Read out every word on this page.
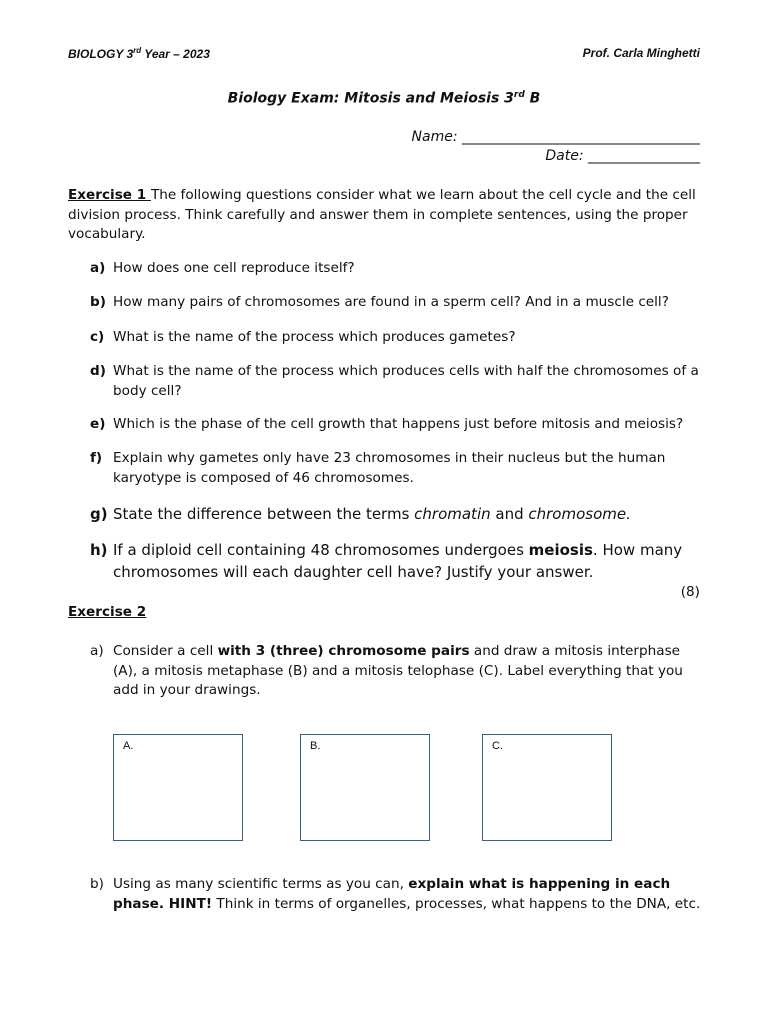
BIOLOGY 3rd Year – 2023	Prof. Carla Minghetti
Biology Exam: Mitosis and Meiosis 3rd B
Name: __________________________________
Date: ________________
Exercise 1 The following questions consider what we learn about the cell cycle and the cell division process. Think carefully and answer them in complete sentences, using the proper vocabulary.
a) How does one cell reproduce itself?
b) How many pairs of chromosomes are found in a sperm cell? And in a muscle cell?
c) What is the name of the process which produces gametes?
d) What is the name of the process which produces cells with half the chromosomes of a body cell?
e) Which is the phase of the cell growth that happens just before mitosis and meiosis?
f) Explain why gametes only have 23 chromosomes in their nucleus but the human karyotype is composed of 46 chromosomes.
g) State the difference between the terms chromatin and chromosome.
h) If a diploid cell containing 48 chromosomes undergoes meiosis. How many chromosomes will each daughter cell have? Justify your answer.
(8)
Exercise 2
a) Consider a cell with 3 (three) chromosome pairs and draw a mitosis interphase (A), a mitosis metaphase (B) and a mitosis telophase (C). Label everything that you add in your drawings.
A.	B.	C.
b) Using as many scientific terms as you can, explain what is happening in each phase. HINT! Think in terms of organelles, processes, what happens to the DNA, etc.
